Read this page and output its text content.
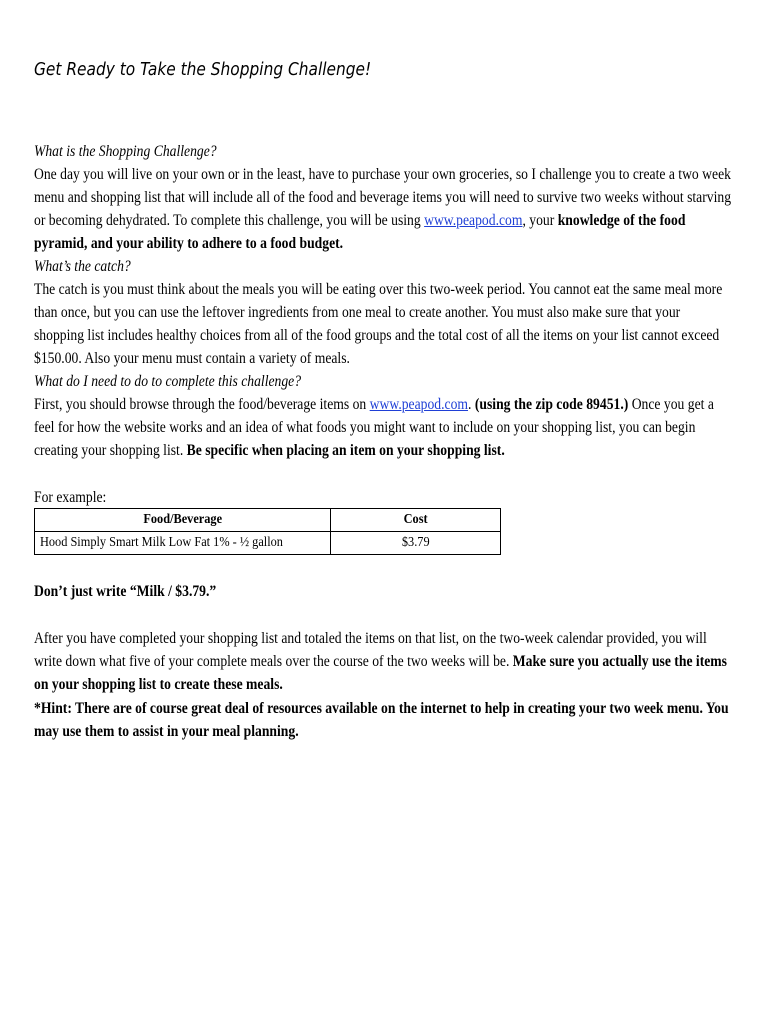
Get Ready to Take the Shopping Challenge!

What is the Shopping Challenge?

One day you will live on your own or in the least, have to purchase your own groceries, so I challenge you to create a two week menu and shopping list that will include all of the food and beverage items you will need to survive two weeks without starving or becoming dehydrated. To complete this challenge, you will be using www.peapod.com, your knowledge of the food pyramid, and your ability to adhere to a food budget.

What’s the catch?

The catch is you must think about the meals you will be eating over this two-week period. You cannot eat the same meal more than once, but you can use the leftover ingredients from one meal to create another. You must also make sure that your shopping list includes healthy choices from all of the food groups and the total cost of all the items on your list cannot exceed $150.00. Also your menu must contain a variety of meals.

What do I need to do to complete this challenge?

First, you should browse through the food/beverage items on www.peapod.com. (using the zip code 89451.) Once you get a feel for how the website works and an idea of what foods you might want to include on your shopping list, you can begin creating your shopping list. Be specific when placing an item on your shopping list.

For example:
Food/Beverage	Cost
Hood Simply Smart Milk Low Fat 1% - ½ gallon	$3.79
Don’t just write “Milk / $3.79.”

After you have completed your shopping list and totaled the items on that list, on the two-week calendar provided, you will write down what five of your complete meals over the course of the two weeks will be. Make sure you actually use the items on your shopping list to create these meals.

*Hint: There are of course great deal of resources available on the internet to help in creating your two week menu. You may use them to assist in your meal planning.
